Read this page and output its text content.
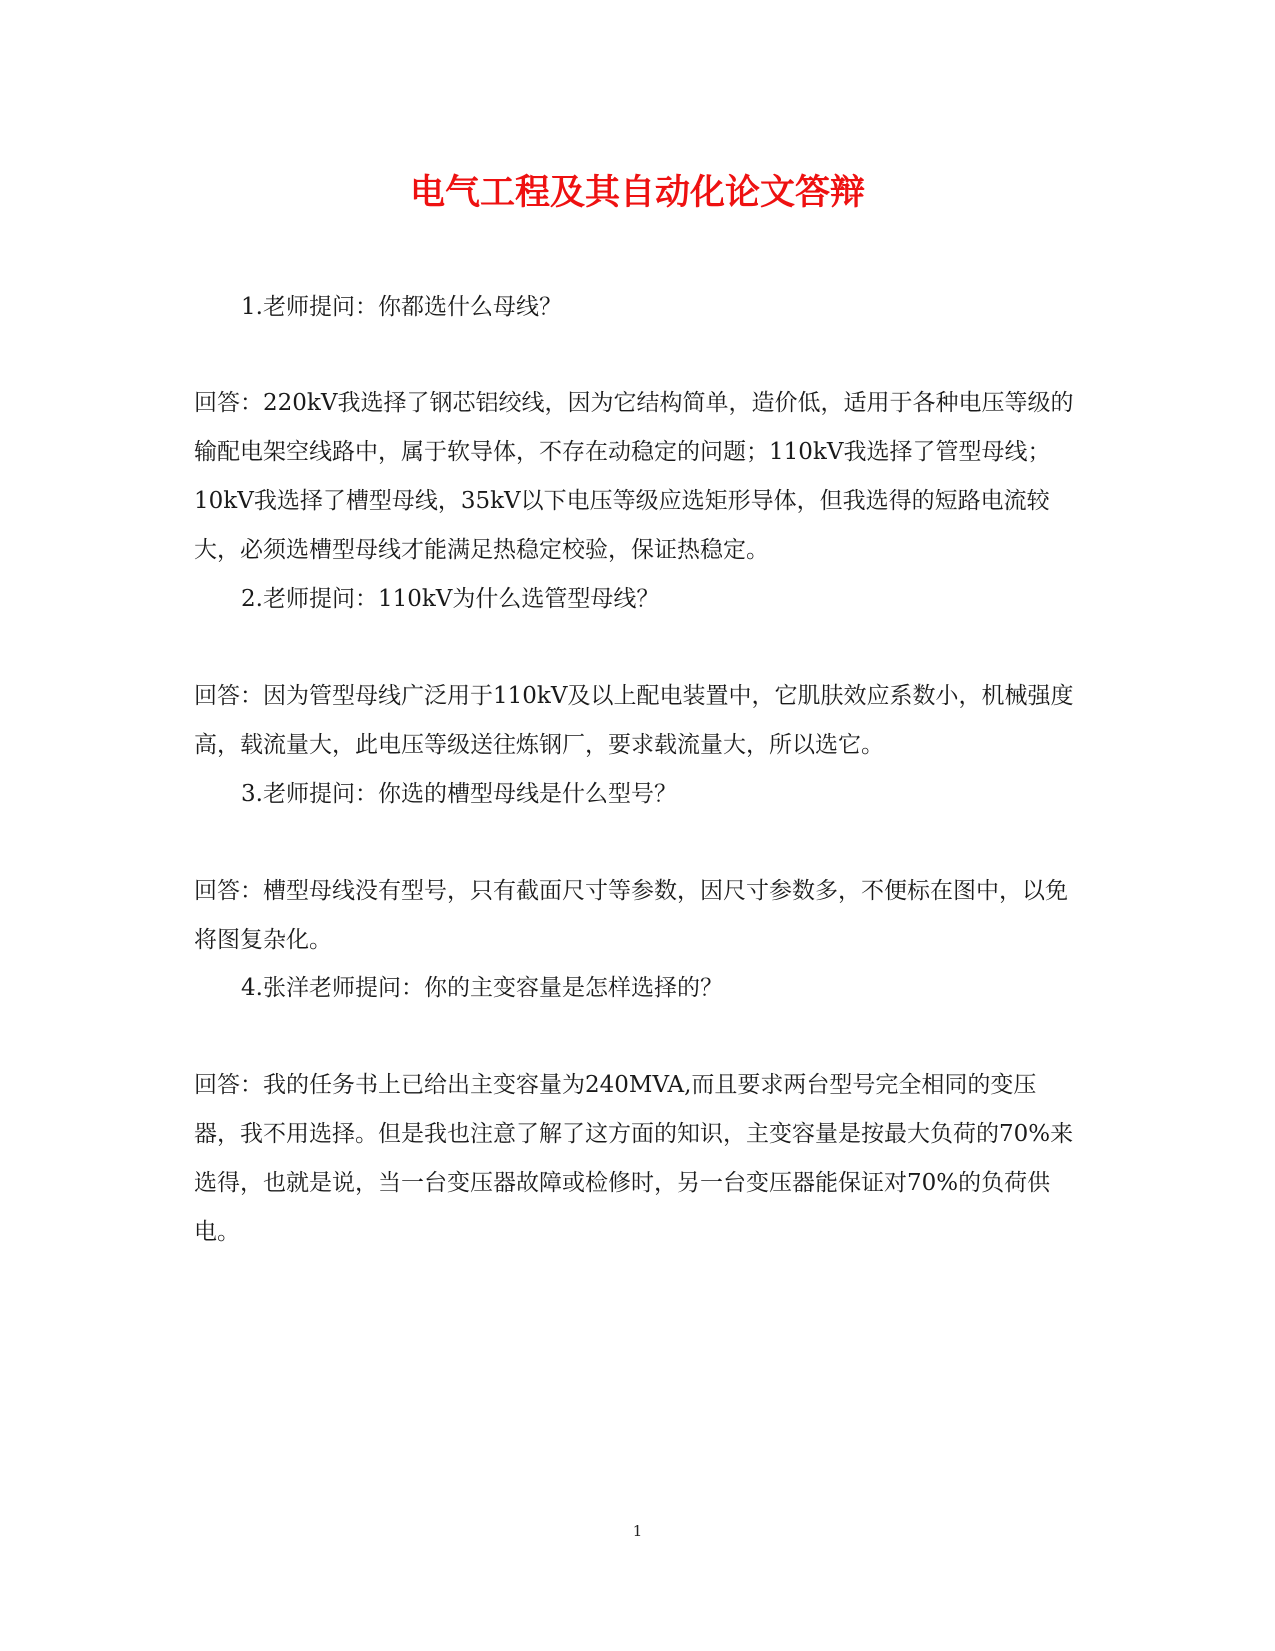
电气工程及其自动化论文答辩

1.老师提问：你都选什么母线？

回答：220kV我选择了钢芯铝绞线，因为它结构简单，造价低，适用于各种电压等级的输配电架空线路中，属于软导体，不存在动稳定的问题；110kV我选择了管型母线；10kV我选择了槽型母线，35kV以下电压等级应选矩形导体，但我选得的短路电流较大，必须选槽型母线才能满足热稳定校验，保证热稳定。

2.老师提问：110kV为什么选管型母线？

回答：因为管型母线广泛用于110kV及以上配电装置中，它肌肤效应系数小，机械强度高，载流量大，此电压等级送往炼钢厂，要求载流量大，所以选它。

3.老师提问：你选的槽型母线是什么型号？

回答：槽型母线没有型号，只有截面尺寸等参数，因尺寸参数多，不便标在图中，以免将图复杂化。

4.张洋老师提问：你的主变容量是怎样选择的？

回答：我的任务书上已给出主变容量为240MVA,而且要求两台型号完全相同的变压器，我不用选择。但是我也注意了解了这方面的知识，主变容量是按最大负荷的70%来选得，也就是说，当一台变压器故障或检修时，另一台变压器能保证对70%的负荷供电。

1
